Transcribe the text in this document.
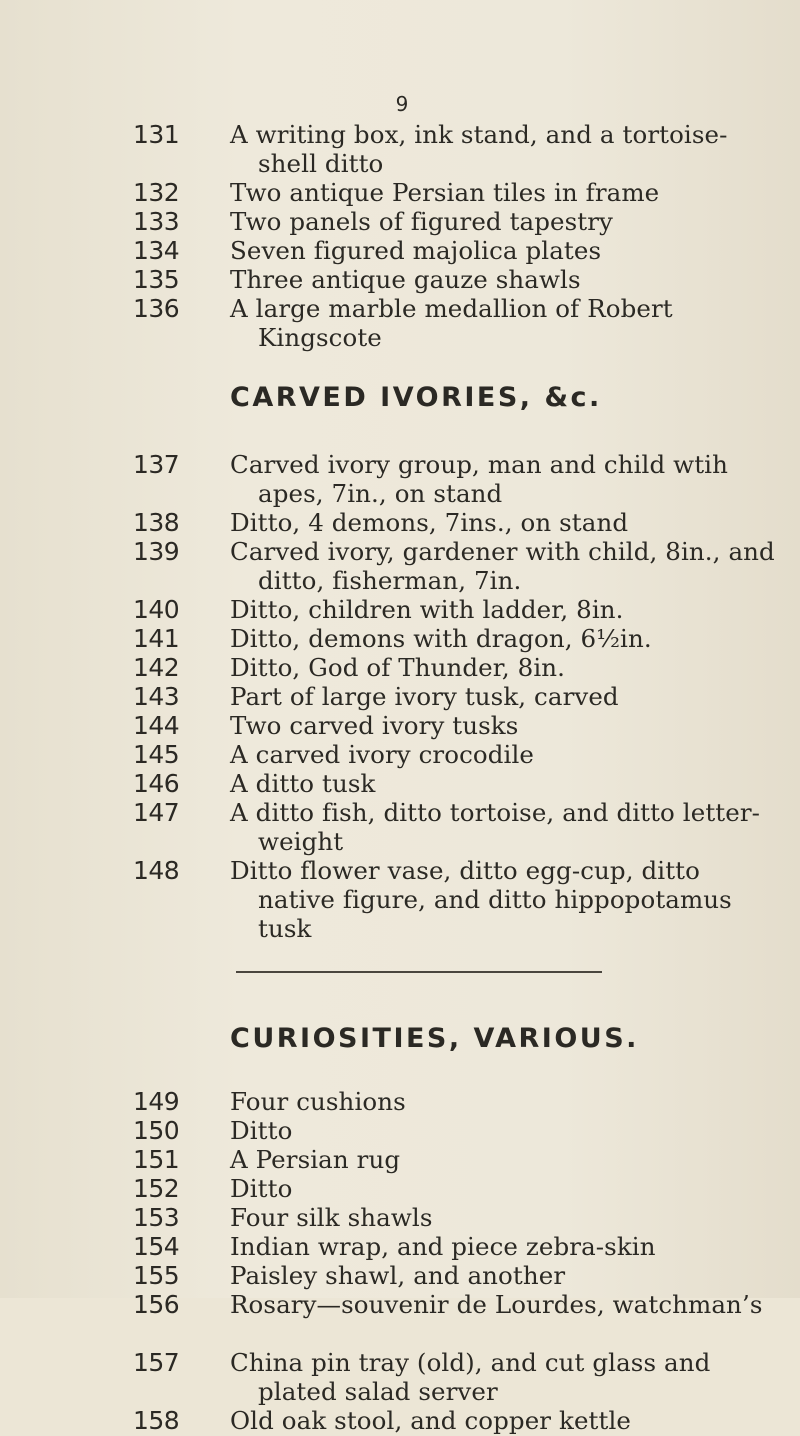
9
131 A writing box, ink stand, and a tortoise-
shell ditto
132 Two antique Persian tiles in frame
133 Two panels of figured tapestry
134 Seven figured majolica plates
135 Three antique gauze shawls
136 A large marble medallion of Robert
Kingscote
CARVED IVORIES, &c.
137 Carved ivory group, man and child wtih
apes, 7in., on stand
138 Ditto, 4 demons, 7ins., on stand
139 Carved ivory, gardener with child, 8in., and
ditto, fisherman, 7in.
140 Ditto, children with ladder, 8in.
141 Ditto, demons with dragon, 6½in.
142 Ditto, God of Thunder, 8in.
143 Part of large ivory tusk, carved
144 Two carved ivory tusks
145 A carved ivory crocodile
146 A ditto tusk
147 A ditto fish, ditto tortoise, and ditto letter-
weight
148 Ditto flower vase, ditto egg-cup, ditto
native figure, and ditto hippopotamus
tusk
CURIOSITIES, VARIOUS.
149 Four cushions
150 Ditto
151 A Persian rug
152 Ditto
153 Four silk shawls
154 Indian wrap, and piece zebra-skin
155 Paisley shawl, and another
156 Rosary—souvenir de Lourdes, watchman’s
157 China pin tray (old), and cut glass and
plated salad server
158 Old oak stool, and copper kettle
